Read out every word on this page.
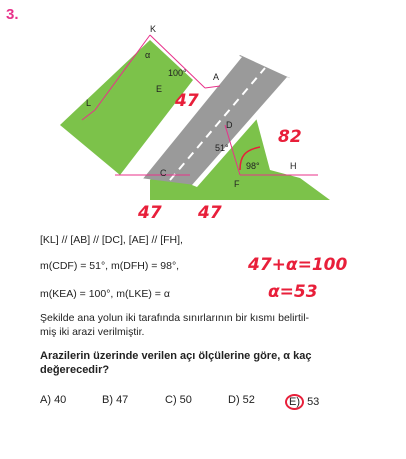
3.
K
L
α
100°
E
A
D
51°
98°
F
H
C
47
82
47 47
[KL] // [AB] // [DC], [AE] // [FH],
m(CDF) = 51°, m(DFH) = 98°,
m(KEA) = 100°, m(LKE) = α
Şekilde ana yolun iki tarafında sınırlarının bir kısmı belirtil-
miş iki arazi verilmiştir.
Arazilerin üzerinde verilen açı ölçülerine göre, α kaç
değerecedir?
A) 40	B) 47	C) 50	D) 52	E) 53
47+α=100
α=53
